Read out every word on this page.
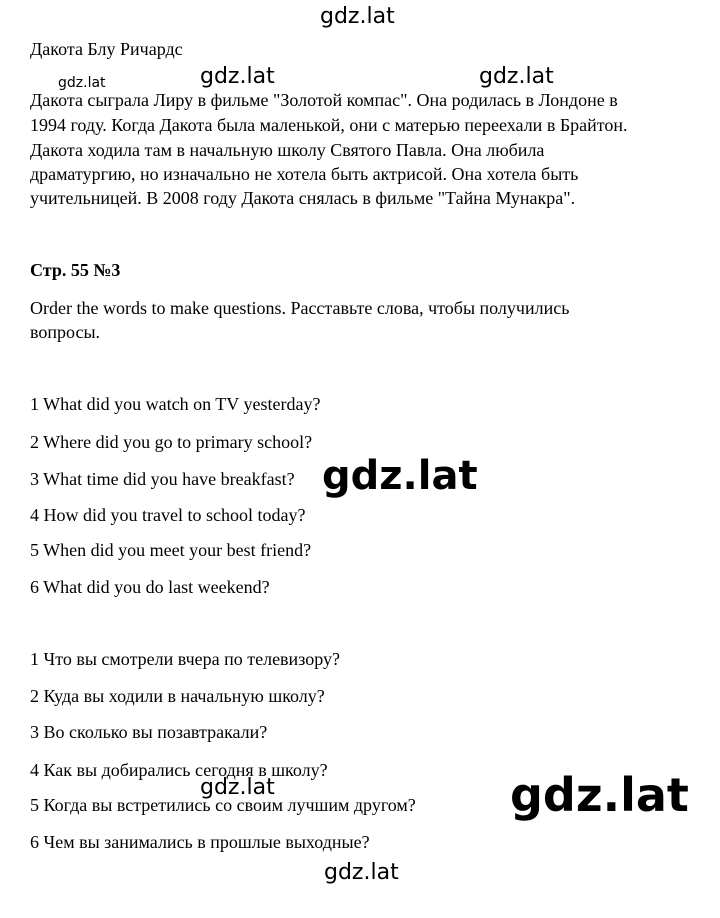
Дакота Блу Ричардс
Дакота сыграла Лиру в фильме "Золотой компас". Она родилась в Лондоне в
1994 году. Когда Дакота была маленькой, они с матерью переехали в Брайтон.
Дакота ходила там в начальную школу Святого Павла. Она любила
драматургию, но изначально не хотела быть актрисой. Она хотела быть
учительницей. В 2008 году Дакота снялась в фильме "Тайна Мунакра".
Стр. 55 №3
Order the words to make questions. Расставьте слова, чтобы получились
вопросы.
1 What did you watch on TV yesterday?
2 Where did you go to primary school?
3 What time did you have breakfast?
4 How did you travel to school today?
5 When did you meet your best friend?
6 What did you do last weekend?
1 Что вы смотрели вчера по телевизору?
2 Куда вы ходили в начальную школу?
3 Во сколько вы позавтракали?
4 Как вы добирались сегодня в школу?
5 Когда вы встретились со своим лучшим другом?
6 Чем вы занимались в прошлые выходные?
gdz.lat
gdz.lat	gdz.lat	gdz.lat
gdz.lat
gdz.lat	gdz.lat
gdz.lat
